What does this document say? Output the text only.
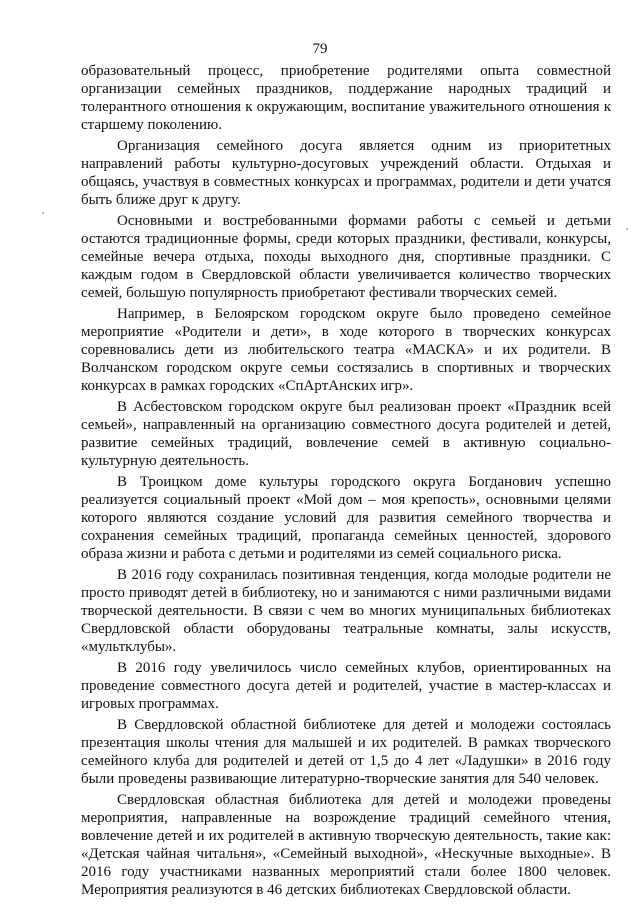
79

образовательный процесс, приобретение родителями опыта совместной организации семейных праздников, поддержание народных традиций и толерантного отношения к окружающим, воспитание уважительного отношения к старшему поколению.

Организация семейного досуга является одним из приоритетных направлений работы культурно-досуговых учреждений области. Отдыхая и общаясь, участвуя в совместных конкурсах и программах, родители и дети учатся быть ближе друг к другу.

Основными и востребованными формами работы с семьей и детьми остаются традиционные формы, среди которых праздники, фестивали, конкурсы, семейные вечера отдыха, походы выходного дня, спортивные праздники. С каждым годом в Свердловской области увеличивается количество творческих семей, большую популярность приобретают фестивали творческих семей.

Например, в Белоярском городском округе было проведено семейное мероприятие «Родители и дети», в ходе которого в творческих конкурсах соревновались дети из любительского театра «МАСКА» и их родители. В Волчанском городском округе семьи состязались в спортивных и творческих конкурсах в рамках городских «СпАртАнских игр».

В Асбестовском городском округе был реализован проект «Праздник всей семьей», направленный на организацию совместного досуга родителей и детей, развитие семейных традиций, вовлечение семей в активную социально-культурную деятельность.

В Троицком доме культуры городского округа Богданович успешно реализуется социальный проект «Мой дом – моя крепость», основными целями которого являются создание условий для развития семейного творчества и сохранения семейных традиций, пропаганда семейных ценностей, здорового образа жизни и работа с детьми и родителями из семей социального риска.

В 2016 году сохранилась позитивная тенденция, когда молодые родители не просто приводят детей в библиотеку, но и занимаются с ними различными видами творческой деятельности. В связи с чем во многих муниципальных библиотеках Свердловской области оборудованы театральные комнаты, залы искусств, «мультклубы».

В 2016 году увеличилось число семейных клубов, ориентированных на проведение совместного досуга детей и родителей, участие в мастер-классах и игровых программах.

В Свердловской областной библиотеке для детей и молодежи состоялась презентация школы чтения для малышей и их родителей. В рамках творческого семейного клуба для родителей и детей от 1,5 до 4 лет «Ладушки» в 2016 году были проведены развивающие литературно-творческие занятия для 540 человек.

Свердловская областная библиотека для детей и молодежи проведены мероприятия, направленные на возрождение традиций семейного чтения, вовлечение детей и их родителей в активную творческую деятельность, такие как: «Детская чайная читальня», «Семейный выходной», «Нескучные выходные». В 2016 году участниками названных мероприятий стали более 1800 человек. Мероприятия реализуются в 46 детских библиотеках Свердловской области.
